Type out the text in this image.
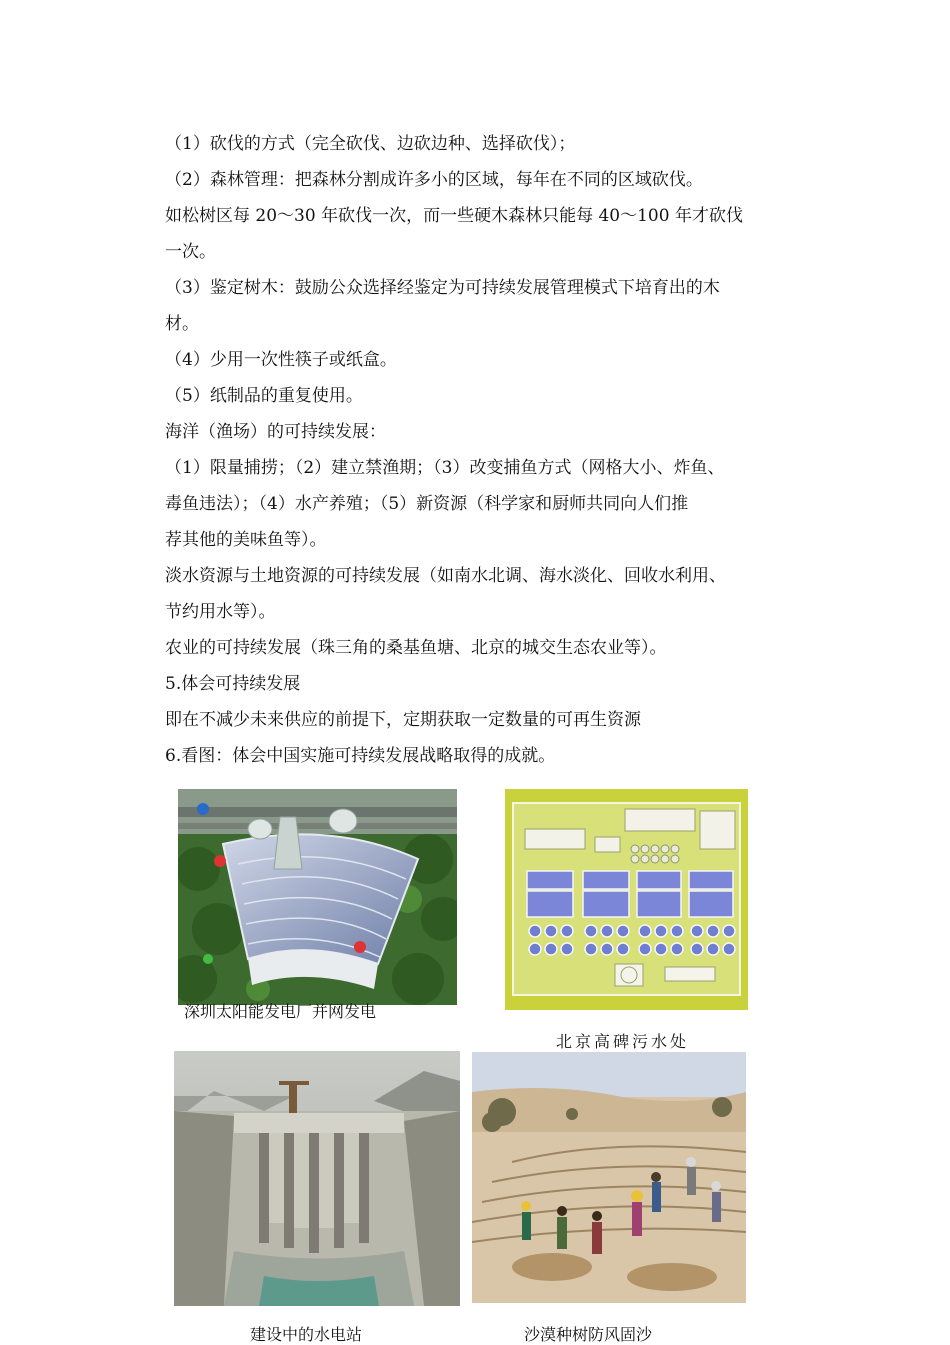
（1）砍伐的方式（完全砍伐、边砍边种、选择砍伐）；
（2）森林管理：把森林分割成许多小的区域，每年在不同的区域砍伐。
如松树区每 20～30 年砍伐一次，而一些硬木森林只能每 40～100 年才砍伐
一次。
（3）鉴定树木：鼓励公众选择经鉴定为可持续发展管理模式下培育出的木
材。
（4）少用一次性筷子或纸盒。
（5）纸制品的重复使用。
海洋（渔场）的可持续发展：
（1）限量捕捞；（2）建立禁渔期；（3）改变捕鱼方式（网格大小、炸鱼、
毒鱼违法）；（4）水产养殖；（5）新资源（科学家和厨师共同向人们推
荐其他的美味鱼等）。
淡水资源与土地资源的可持续发展（如南水北调、海水淡化、回收水利用、
节约用水等）。
农业的可持续发展（珠三角的桑基鱼塘、北京的城交生态农业等）。
5.体会可持续发展
即在不减少未来供应的前提下，定期获取一定数量的可再生资源
6.看图：体会中国实施可持续发展战略取得的成就。
深圳太阳能发电厂并网发电
北京高碑污水处
建设中的水电站	沙漠种树防风固沙
